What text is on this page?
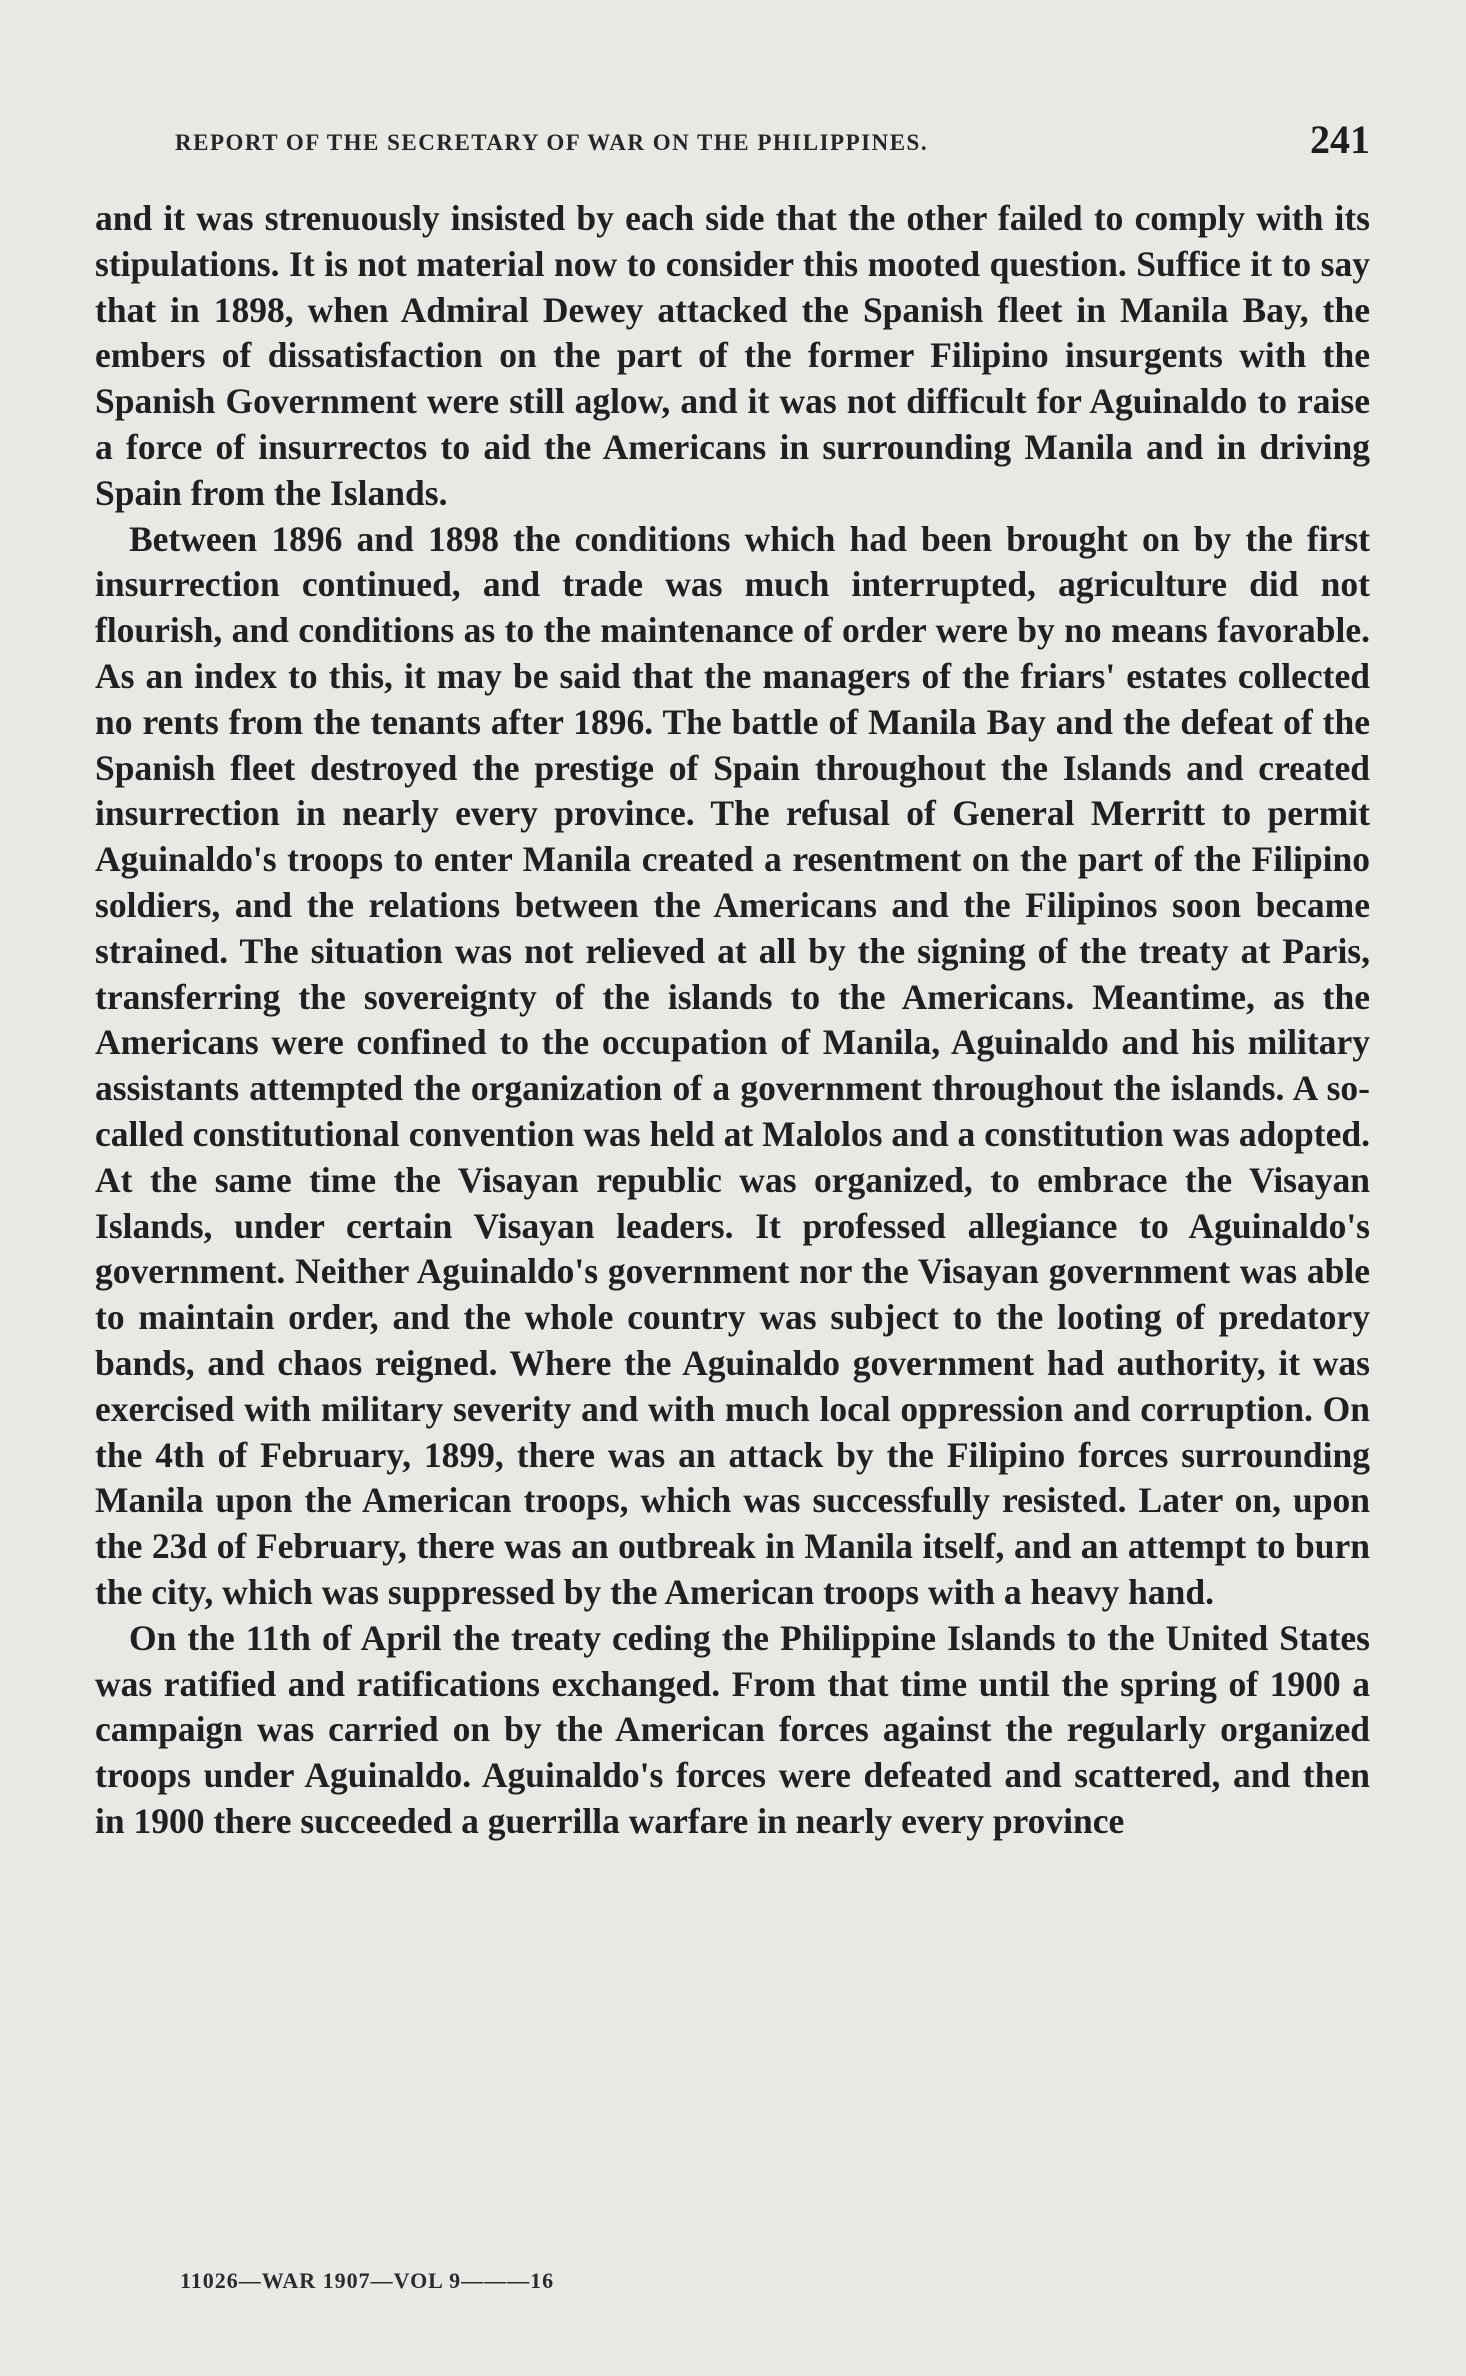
REPORT OF THE SECRETARY OF WAR ON THE PHILIPPINES.	241

and it was strenuously insisted by each side that the other failed to comply with its stipulations. It is not material now to consider this mooted question. Suffice it to say that in 1898, when Admiral Dewey attacked the Spanish fleet in Manila Bay, the embers of dissatisfaction on the part of the former Filipino insurgents with the Spanish Government were still aglow, and it was not difficult for Aguinaldo to raise a force of insurrectos to aid the Americans in surrounding Manila and in driving Spain from the Islands.

Between 1896 and 1898 the conditions which had been brought on by the first insurrection continued, and trade was much interrupted, agriculture did not flourish, and conditions as to the maintenance of order were by no means favorable. As an index to this, it may be said that the managers of the friars' estates collected no rents from the tenants after 1896. The battle of Manila Bay and the defeat of the Spanish fleet destroyed the prestige of Spain throughout the Islands and created insurrection in nearly every province. The refusal of General Merritt to permit Aguinaldo's troops to enter Manila created a resentment on the part of the Filipino soldiers, and the relations between the Americans and the Filipinos soon became strained. The situation was not relieved at all by the signing of the treaty at Paris, transferring the sovereignty of the islands to the Americans. Meantime, as the Americans were confined to the occupation of Manila, Aguinaldo and his military assistants attempted the organization of a government throughout the islands. A so-called constitutional convention was held at Malolos and a constitution was adopted. At the same time the Visayan republic was organized, to embrace the Visayan Islands, under certain Visayan leaders. It professed allegiance to Aguinaldo's government. Neither Aguinaldo's government nor the Visayan government was able to maintain order, and the whole country was subject to the looting of predatory bands, and chaos reigned. Where the Aguinaldo government had authority, it was exercised with military severity and with much local oppression and corruption. On the 4th of February, 1899, there was an attack by the Filipino forces surrounding Manila upon the American troops, which was successfully resisted. Later on, upon the 23d of February, there was an outbreak in Manila itself, and an attempt to burn the city, which was suppressed by the American troops with a heavy hand.

On the 11th of April the treaty ceding the Philippine Islands to the United States was ratified and ratifications exchanged. From that time until the spring of 1900 a campaign was carried on by the American forces against the regularly organized troops under Aguinaldo. Aguinaldo's forces were defeated and scattered, and then in 1900 there succeeded a guerrilla warfare in nearly every province

11026—WAR 1907—VOL 9———16
